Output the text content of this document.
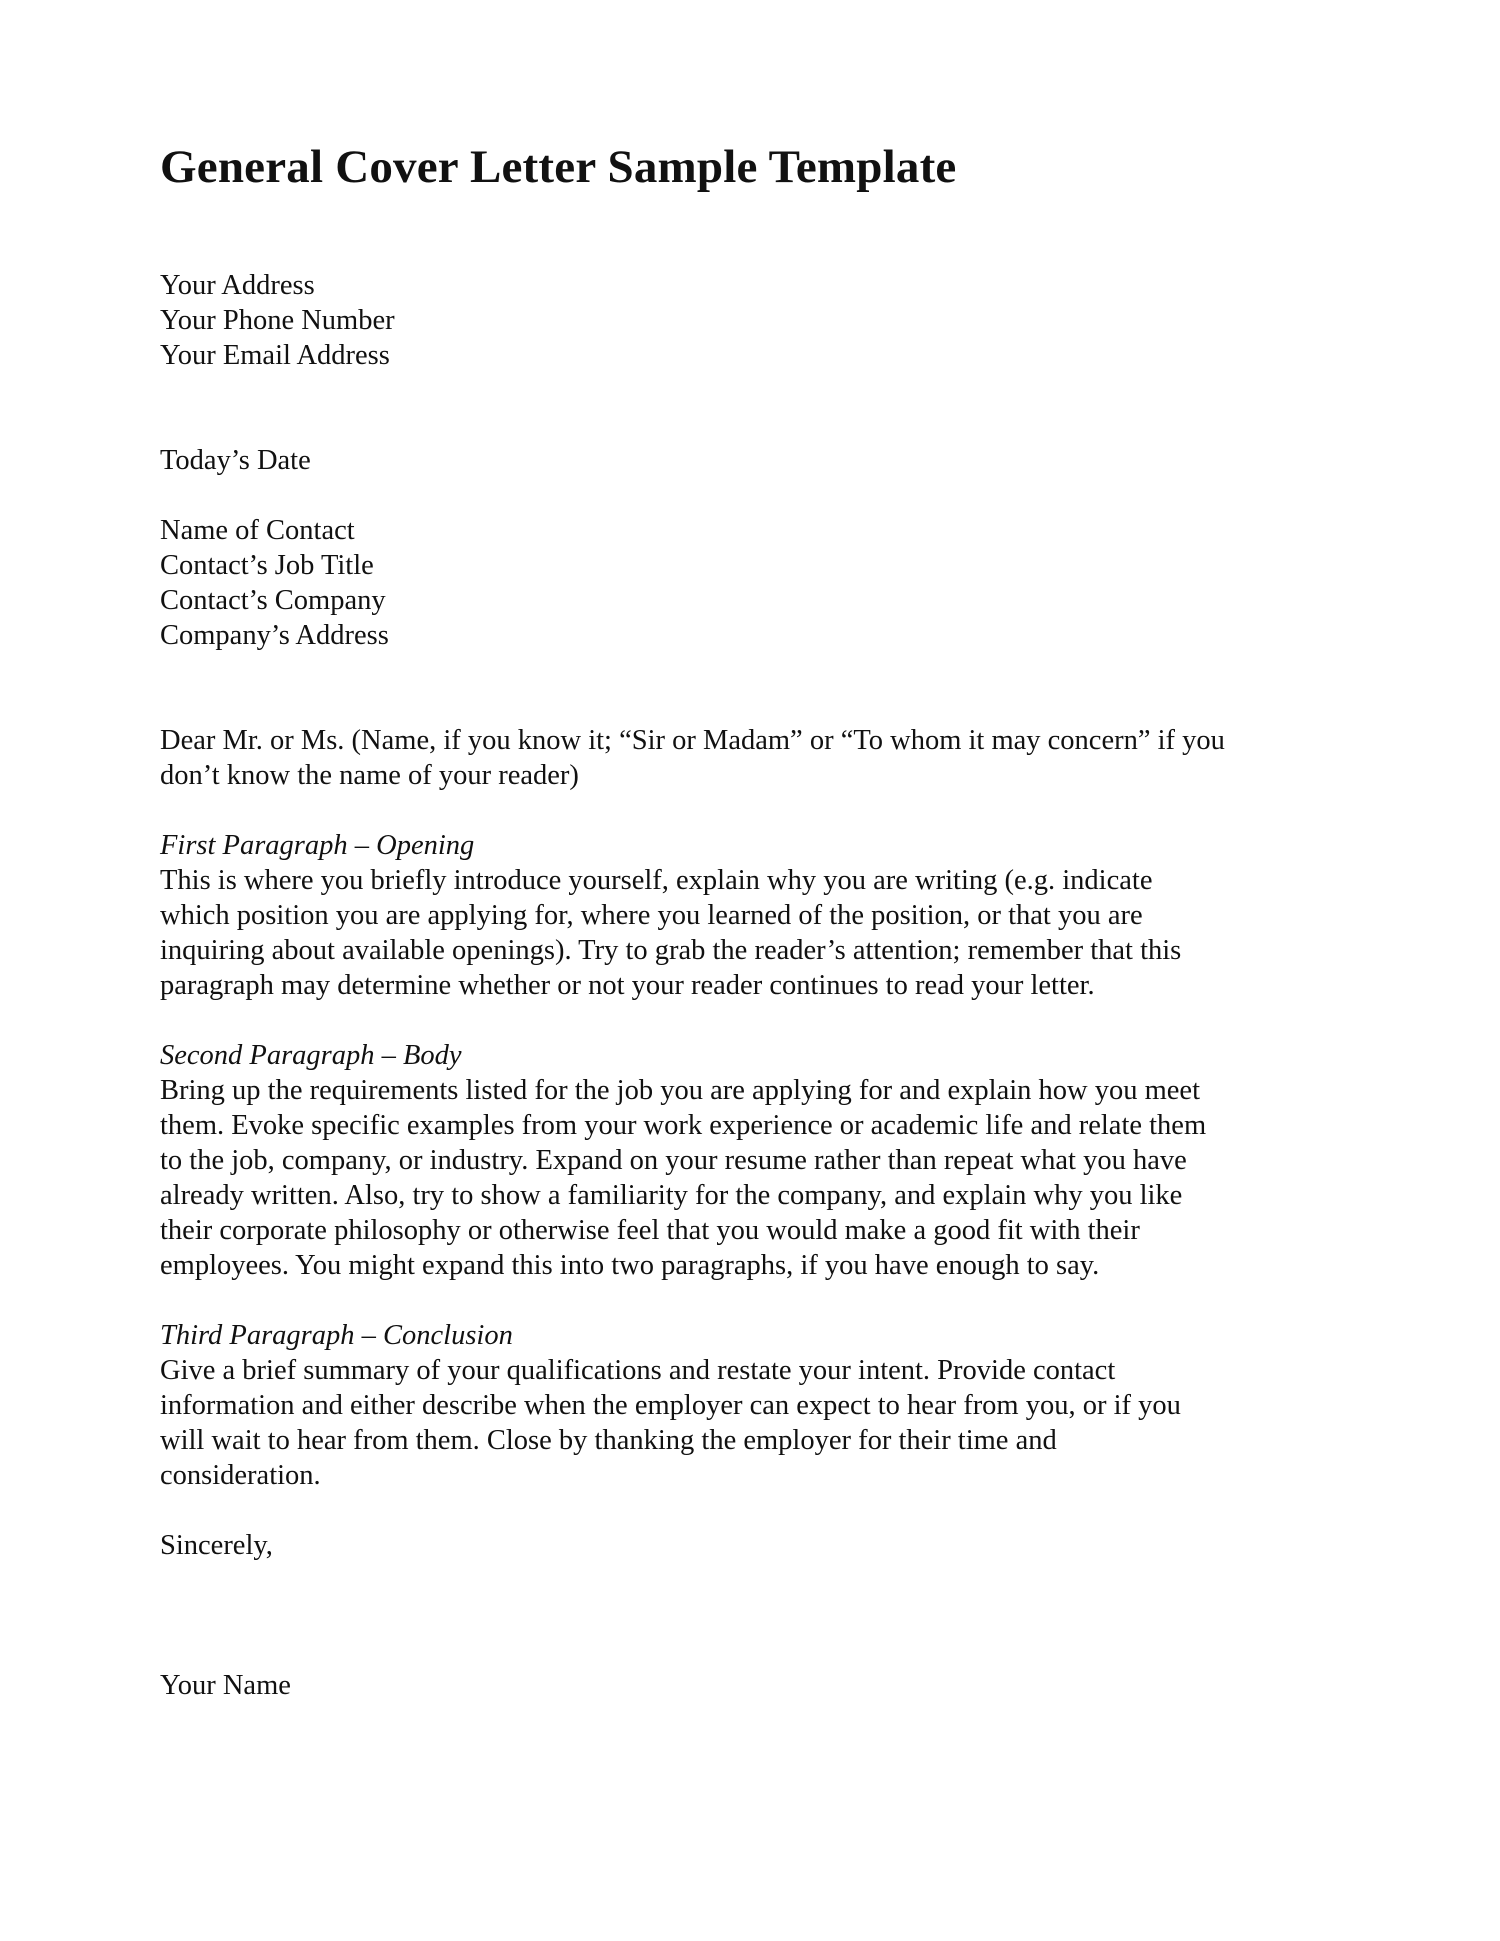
General Cover Letter Sample Template
Your Address
Your Phone Number
Your Email Address
Today’s Date
Name of Contact
Contact’s Job Title
Contact’s Company
Company’s Address
Dear Mr. or Ms. (Name, if you know it; “Sir or Madam” or “To whom it may concern” if you
don’t know the name of your reader)
First Paragraph – Opening
This is where you briefly introduce yourself, explain why you are writing (e.g. indicate
which position you are applying for, where you learned of the position, or that you are
inquiring about available openings). Try to grab the reader’s attention; remember that this
paragraph may determine whether or not your reader continues to read your letter.
Second Paragraph – Body
Bring up the requirements listed for the job you are applying for and explain how you meet
them. Evoke specific examples from your work experience or academic life and relate them
to the job, company, or industry. Expand on your resume rather than repeat what you have
already written. Also, try to show a familiarity for the company, and explain why you like
their corporate philosophy or otherwise feel that you would make a good fit with their
employees. You might expand this into two paragraphs, if you have enough to say.
Third Paragraph – Conclusion
Give a brief summary of your qualifications and restate your intent. Provide contact
information and either describe when the employer can expect to hear from you, or if you
will wait to hear from them. Close by thanking the employer for their time and
consideration.
Sincerely,
Your Name
